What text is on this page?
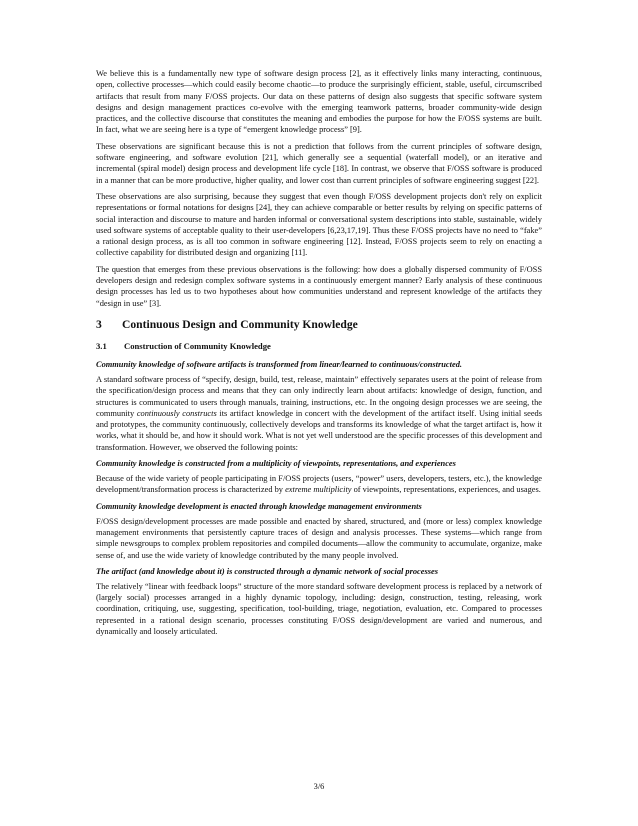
We believe this is a fundamentally new type of software design process [2], as it effectively links many interacting, continuous, open, collective processes—which could easily become chaotic—to produce the surprisingly efficient, stable, useful, circumscribed artifacts that result from many F/OSS projects. Our data on these patterns of design also suggests that specific software system designs and design management practices co-evolve with the emerging teamwork patterns, broader community-wide design practices, and the collective discourse that constitutes the meaning and embodies the purpose for how the F/OSS systems are built. In fact, what we are seeing here is a type of “emergent knowledge process” [9].

These observations are significant because this is not a prediction that follows from the current principles of software design, software engineering, and software evolution [21], which generally see a sequential (waterfall model), or an iterative and incremental (spiral model) design process and development life cycle [18]. In contrast, we observe that F/OSS software is produced in a manner that can be more productive, higher quality, and lower cost than current principles of software engineering suggest [22].

These observations are also surprising, because they suggest that even though F/OSS development projects don't rely on explicit representations or formal notations for designs [24], they can achieve comparable or better results by relying on specific patterns of social interaction and discourse to mature and harden informal or conversational system descriptions into stable, sustainable, widely used software systems of acceptable quality to their user-developers [6,23,17,19]. Thus these F/OSS projects have no need to “fake” a rational design process, as is all too common in software engineering [12]. Instead, F/OSS projects seem to rely on enacting a collective capability for distributed design and organizing [11].

The question that emerges from these previous observations is the following: how does a globally dispersed community of F/OSS developers design and redesign complex software systems in a continuously emergent manner? Early analysis of these continuous design processes has led us to two hypotheses about how communities understand and represent knowledge of the artifacts they “design in use” [3].

3 Continuous Design and Community Knowledge
3.1 Construction of Community Knowledge
Community knowledge of software artifacts is transformed from linear/learned to continuous/constructed.

A standard software process of “specify, design, build, test, release, maintain” effectively separates users at the point of release from the specification/design process and means that they can only indirectly learn about artifacts: knowledge of design, function, and structures is communicated to users through manuals, training, instructions, etc. In the ongoing design processes we are seeing, the community continuously constructs its artifact knowledge in concert with the development of the artifact itself. Using initial seeds and prototypes, the community continuously, collectively develops and transforms its knowledge of what the target artifact is, how it works, what it should be, and how it should work. What is not yet well understood are the specific processes of this development and transformation. However, we observed the following points:

Community knowledge is constructed from a multiplicity of viewpoints, representations, and experiences

Because of the wide variety of people participating in F/OSS projects (users, “power” users, developers, testers, etc.), the knowledge development/transformation process is characterized by extreme multiplicity of viewpoints, representations, experiences, and usages.

Community knowledge development is enacted through knowledge management environments

F/OSS design/development processes are made possible and enacted by shared, structured, and (more or less) complex knowledge management environments that persistently capture traces of design and analysis processes. These systems—which range from simple newsgroups to complex problem repositories and compiled documents—allow the community to accumulate, organize, make sense of, and use the wide variety of knowledge contributed by the many people involved.

The artifact (and knowledge about it) is constructed through a dynamic network of social processes

The relatively “linear with feedback loops” structure of the more standard software development process is replaced by a network of (largely social) processes arranged in a highly dynamic topology, including: design, construction, testing, releasing, work coordination, critiquing, use, suggesting, specification, tool-building, triage, negotiation, evaluation, etc. Compared to processes represented in a rational design scenario, processes constituting F/OSS design/development are varied and numerous, and dynamically and loosely articulated.

3/6
